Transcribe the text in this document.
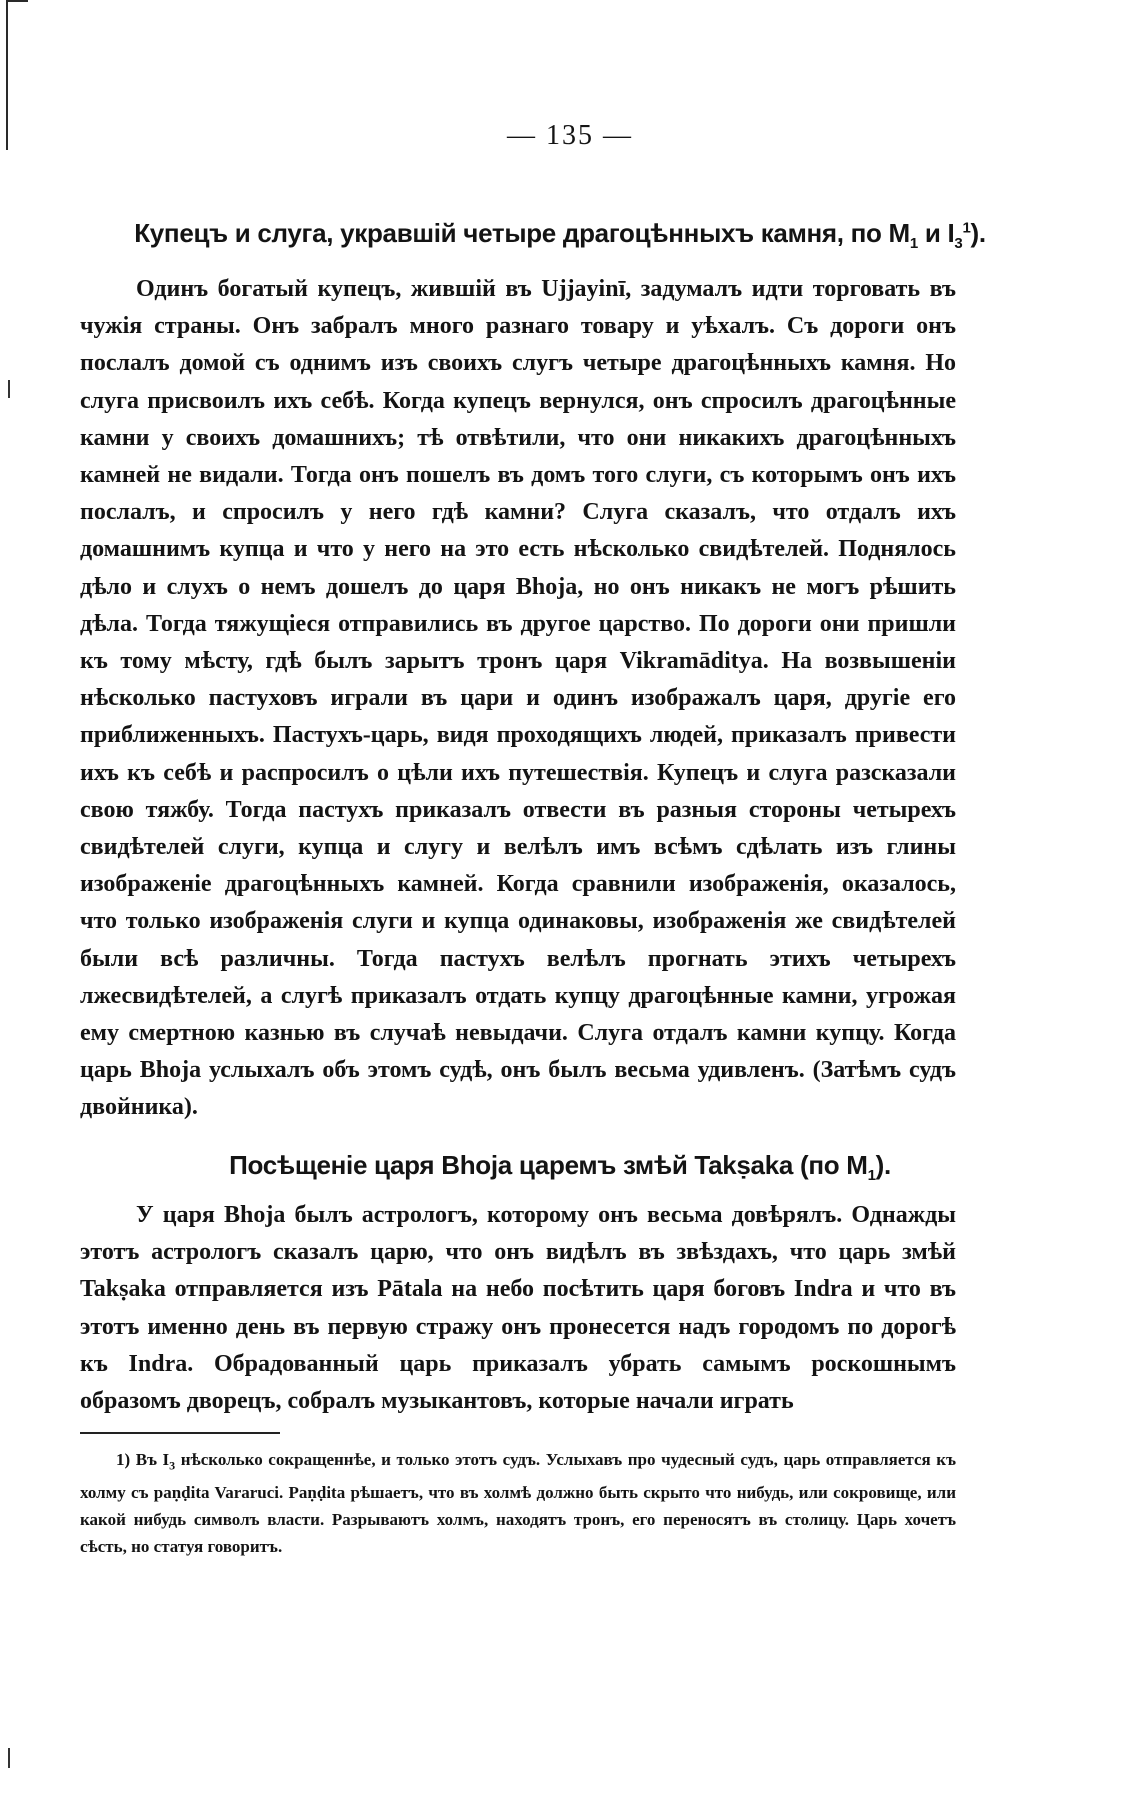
— 135 —
Купецъ и слуга, укравшій четыре драгоцѣнныхъ камня, по $M_1$ и $I_3^1$).

Одинъ богатый купецъ, жившій въ Ujjayinī, задумалъ идти торговать въ чужія страны. Онъ забралъ много разнаго товару и уѣхалъ. Съ дороги онъ послалъ домой съ однимъ изъ своихъ слугъ четыре драгоцѣнныхъ камня. Но слуга присвоилъ ихъ себѣ. Когда купецъ вернулся, онъ спросилъ драгоцѣнные камни у своихъ домашнихъ; тѣ отвѣтили, что они никакихъ драгоцѣнныхъ камней не видали. Тогда онъ пошелъ въ домъ того слуги, съ которымъ онъ ихъ послалъ, и спросилъ у него гдѣ камни? Слуга сказалъ, что отдалъ ихъ домашнимъ купца и что у него на это есть нѣсколько свидѣтелей. Поднялось дѣло и слухъ о немъ дошелъ до царя Bhoja, но онъ никакъ не могъ рѣшить дѣла. Тогда тяжущіеся отправились въ другое царство. По дороги они пришли къ тому мѣсту, гдѣ былъ зарытъ тронъ царя Vikramāditya. На возвышеніи нѣсколько пастуховъ играли въ цари и одинъ изображалъ царя, другіе его приближенныхъ. Пастухъ-царь, видя проходящихъ людей, приказалъ привести ихъ къ себѣ и распросилъ о цѣли ихъ путешествія. Купецъ и слуга разсказали свою тяжбу. Тогда пастухъ приказалъ отвести въ разныя стороны четырехъ свидѣтелей слуги, купца и слугу и велѣлъ имъ всѣмъ сдѣлать изъ глины изображеніе драгоцѣнныхъ камней. Когда сравнили изображенія, оказалось, что только изображенія слуги и купца одинаковы, изображенія же свидѣтелей были всѣ различны. Тогда пастухъ велѣлъ прогнать этихъ четырехъ лжесвидѣтелей, а слугѣ приказалъ отдать купцу драгоцѣнные камни, угрожая ему смертною казнью въ случаѣ невыдачи. Слуга отдалъ камни купцу. Когда царь Bhoja услыхалъ объ этомъ судѣ, онъ былъ весьма удивленъ. (Затѣмъ судъ двойника).

Посѣщеніе царя Bhoja царемъ змѣй Takṣaka (по $M_1$).

У царя Bhoja былъ астрологъ, которому онъ весьма довѣрялъ. Однажды этотъ астрологъ сказалъ царю, что онъ видѣлъ въ звѣздахъ, что царь змѣй Takṣaka отправляется изъ Pātala на небо посѣтить царя боговъ Indra и что въ этотъ именно день въ первую стражу онъ пронесется надъ городомъ по дорогѣ къ Indra. Обрадованный царь приказалъ убрать самымъ роскошнымъ образомъ дворецъ, собралъ музыкантовъ, которые начали играть

1) Въ $I_3$ нѣсколько сокращеннѣе, и только этотъ судъ. Услыхавъ про чудесный судъ, царь отправляется къ холму съ paṇḍita Vararuci. Paṇḍita рѣшаетъ, что въ холмѣ должно быть скрыто что нибудь, или сокровище, или какой нибудь символъ власти. Разрываютъ холмъ, находятъ тронъ, его переносятъ въ столицу. Царь хочетъ сѣсть, но статуя говоритъ.
